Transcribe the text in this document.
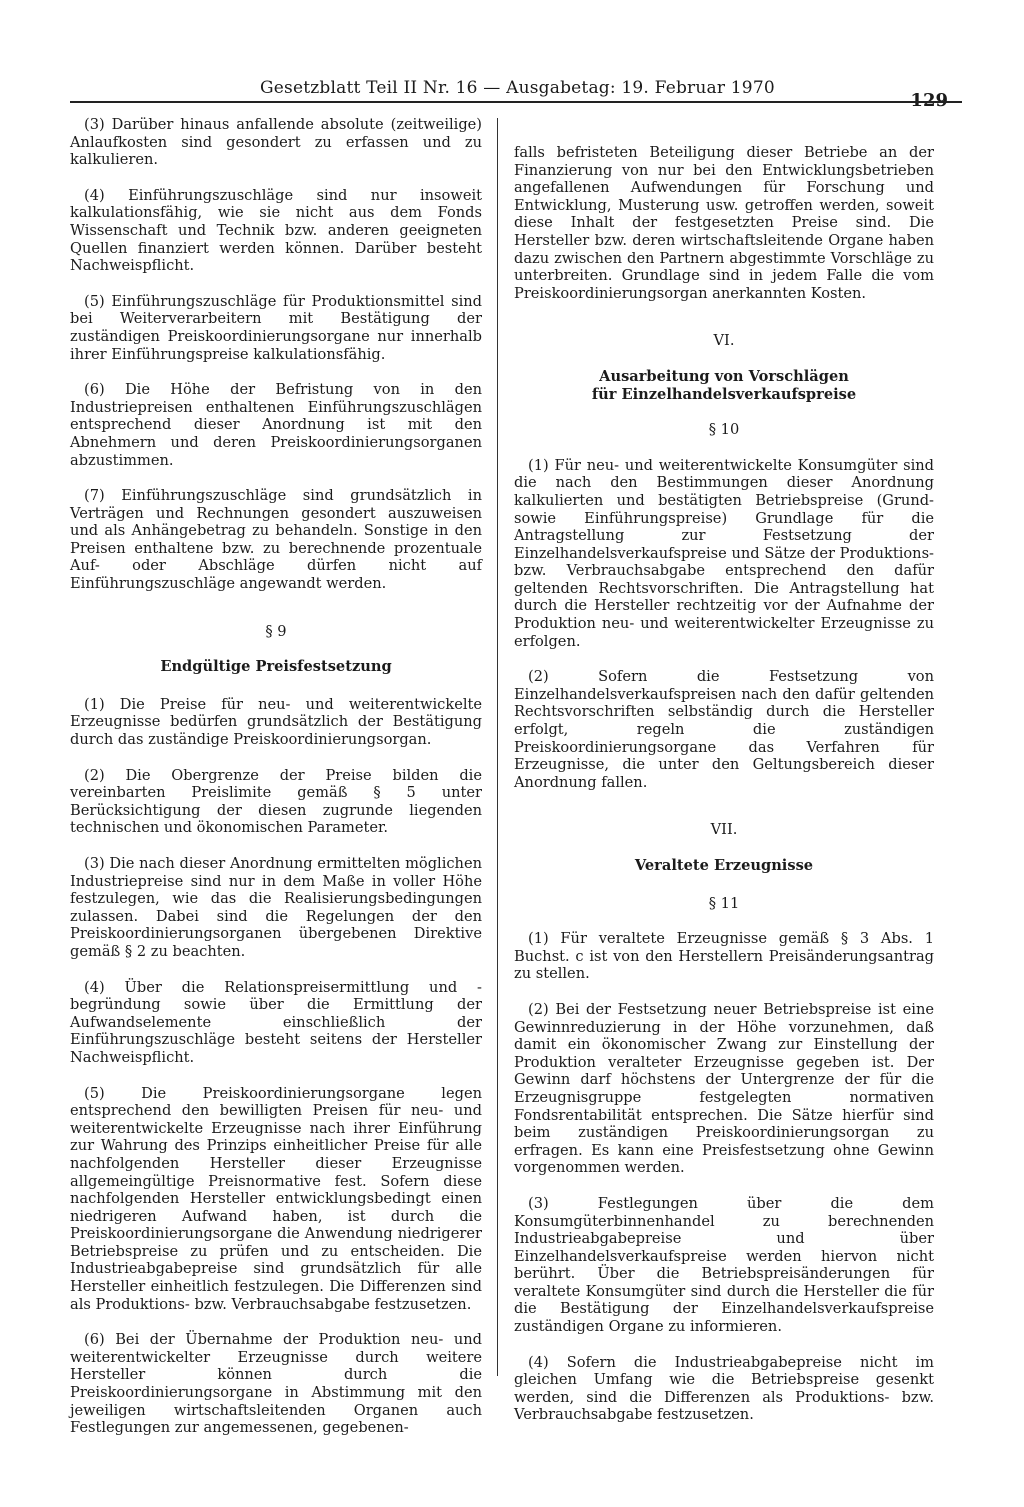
Gesetzblatt Teil II Nr. 16 — Ausgabetag: 19. Februar 1970
129

(3) Darüber hinaus anfallende absolute (zeitweilige) Anlaufkosten sind gesondert zu erfassen und zu kalkulieren.

(4) Einführungszuschläge sind nur insoweit kalkulationsfähig, wie sie nicht aus dem Fonds Wissenschaft und Technik bzw. anderen geeigneten Quellen finanziert werden können. Darüber besteht Nachweispflicht.

(5) Einführungszuschläge für Produktionsmittel sind bei Weiterverarbeitern mit Bestätigung der zuständigen Preiskoordinierungsorgane nur innerhalb ihrer Einführungspreise kalkulationsfähig.

(6) Die Höhe der Befristung von in den Industriepreisen enthaltenen Einführungszuschlägen entsprechend dieser Anordnung ist mit den Abnehmern und deren Preiskoordinierungsorganen abzustimmen.

(7) Einführungszuschläge sind grundsätzlich in Verträgen und Rechnungen gesondert auszuweisen und als Anhängebetrag zu behandeln. Sonstige in den Preisen enthaltene bzw. zu berechnende prozentuale Auf- oder Abschläge dürfen nicht auf Einführungszuschläge angewandt werden.

§ 9

Endgültige Preisfestsetzung

(1) Die Preise für neu- und weiterentwickelte Erzeugnisse bedürfen grundsätzlich der Bestätigung durch das zuständige Preiskoordinierungsorgan.

(2) Die Obergrenze der Preise bilden die vereinbarten Preislimite gemäß § 5 unter Berücksichtigung der diesen zugrunde liegenden technischen und ökonomischen Parameter.

(3) Die nach dieser Anordnung ermittelten möglichen Industriepreise sind nur in dem Maße in voller Höhe festzulegen, wie das die Realisierungsbedingungen zulassen. Dabei sind die Regelungen der den Preiskoordinierungsorganen übergebenen Direktive gemäß § 2 zu beachten.

(4) Über die Relationspreisermittlung und -begründung sowie über die Ermittlung der Aufwandselemente einschließlich der Einführungszuschläge besteht seitens der Hersteller Nachweispflicht.

(5) Die Preiskoordinierungsorgane legen entsprechend den bewilligten Preisen für neu- und weiterentwickelte Erzeugnisse nach ihrer Einführung zur Wahrung des Prinzips einheitlicher Preise für alle nachfolgenden Hersteller dieser Erzeugnisse allgemeingültige Preisnormative fest. Sofern diese nachfolgenden Hersteller entwicklungsbedingt einen niedrigeren Aufwand haben, ist durch die Preiskoordinierungsorgane die Anwendung niedrigerer Betriebspreise zu prüfen und zu entscheiden. Die Industrieabgabepreise sind grundsätzlich für alle Hersteller einheitlich festzulegen. Die Differenzen sind als Produktions- bzw. Verbrauchsabgabe festzusetzen.

(6) Bei der Übernahme der Produktion neu- und weiterentwickelter Erzeugnisse durch weitere Hersteller können durch die Preiskoordinierungsorgane in Abstimmung mit den jeweiligen wirtschaftsleitenden Organen auch Festlegungen zur angemessenen, gegebenen-

falls befristeten Beteiligung dieser Betriebe an der Finanzierung von nur bei den Entwicklungsbetrieben angefallenen Aufwendungen für Forschung und Entwicklung, Musterung usw. getroffen werden, soweit diese Inhalt der festgesetzten Preise sind. Die Hersteller bzw. deren wirtschaftsleitende Organe haben dazu zwischen den Partnern abgestimmte Vorschläge zu unterbreiten. Grundlage sind in jedem Falle die vom Preiskoordinierungsorgan anerkannten Kosten.

VI.

Ausarbeitung von Vorschlägen
für Einzelhandelsverkaufspreise

§ 10

(1) Für neu- und weiterentwickelte Konsumgüter sind die nach den Bestimmungen dieser Anordnung kalkulierten und bestätigten Betriebspreise (Grund- sowie Einführungspreise) Grundlage für die Antragstellung zur Festsetzung der Einzelhandelsverkaufspreise und Sätze der Produktions- bzw. Verbrauchsabgabe entsprechend den dafür geltenden Rechtsvorschriften. Die Antragstellung hat durch die Hersteller rechtzeitig vor der Aufnahme der Produktion neu- und weiterentwickelter Erzeugnisse zu erfolgen.

(2) Sofern die Festsetzung von Einzelhandelsverkaufspreisen nach den dafür geltenden Rechtsvorschriften selbständig durch die Hersteller erfolgt, regeln die zuständigen Preiskoordinierungsorgane das Verfahren für Erzeugnisse, die unter den Geltungsbereich dieser Anordnung fallen.

VII.

Veraltete Erzeugnisse

§ 11

(1) Für veraltete Erzeugnisse gemäß § 3 Abs. 1 Buchst. c ist von den Herstellern Preisänderungsantrag zu stellen.

(2) Bei der Festsetzung neuer Betriebspreise ist eine Gewinnreduzierung in der Höhe vorzunehmen, daß damit ein ökonomischer Zwang zur Einstellung der Produktion veralteter Erzeugnisse gegeben ist. Der Gewinn darf höchstens der Untergrenze der für die Erzeugnisgruppe festgelegten normativen Fondsrentabilität entsprechen. Die Sätze hierfür sind beim zuständigen Preiskoordinierungsorgan zu erfragen. Es kann eine Preisfestsetzung ohne Gewinn vorgenommen werden.

(3) Festlegungen über die dem Konsumgüterbinnenhandel zu berechnenden Industrieabgabepreise und über Einzelhandelsverkaufspreise werden hiervon nicht berührt. Über die Betriebspreisänderungen für veraltete Konsumgüter sind durch die Hersteller die für die Bestätigung der Einzelhandelsverkaufspreise zuständigen Organe zu informieren.

(4) Sofern die Industrieabgabepreise nicht im gleichen Umfang wie die Betriebspreise gesenkt werden, sind die Differenzen als Produktions- bzw. Verbrauchsabgabe festzusetzen.
